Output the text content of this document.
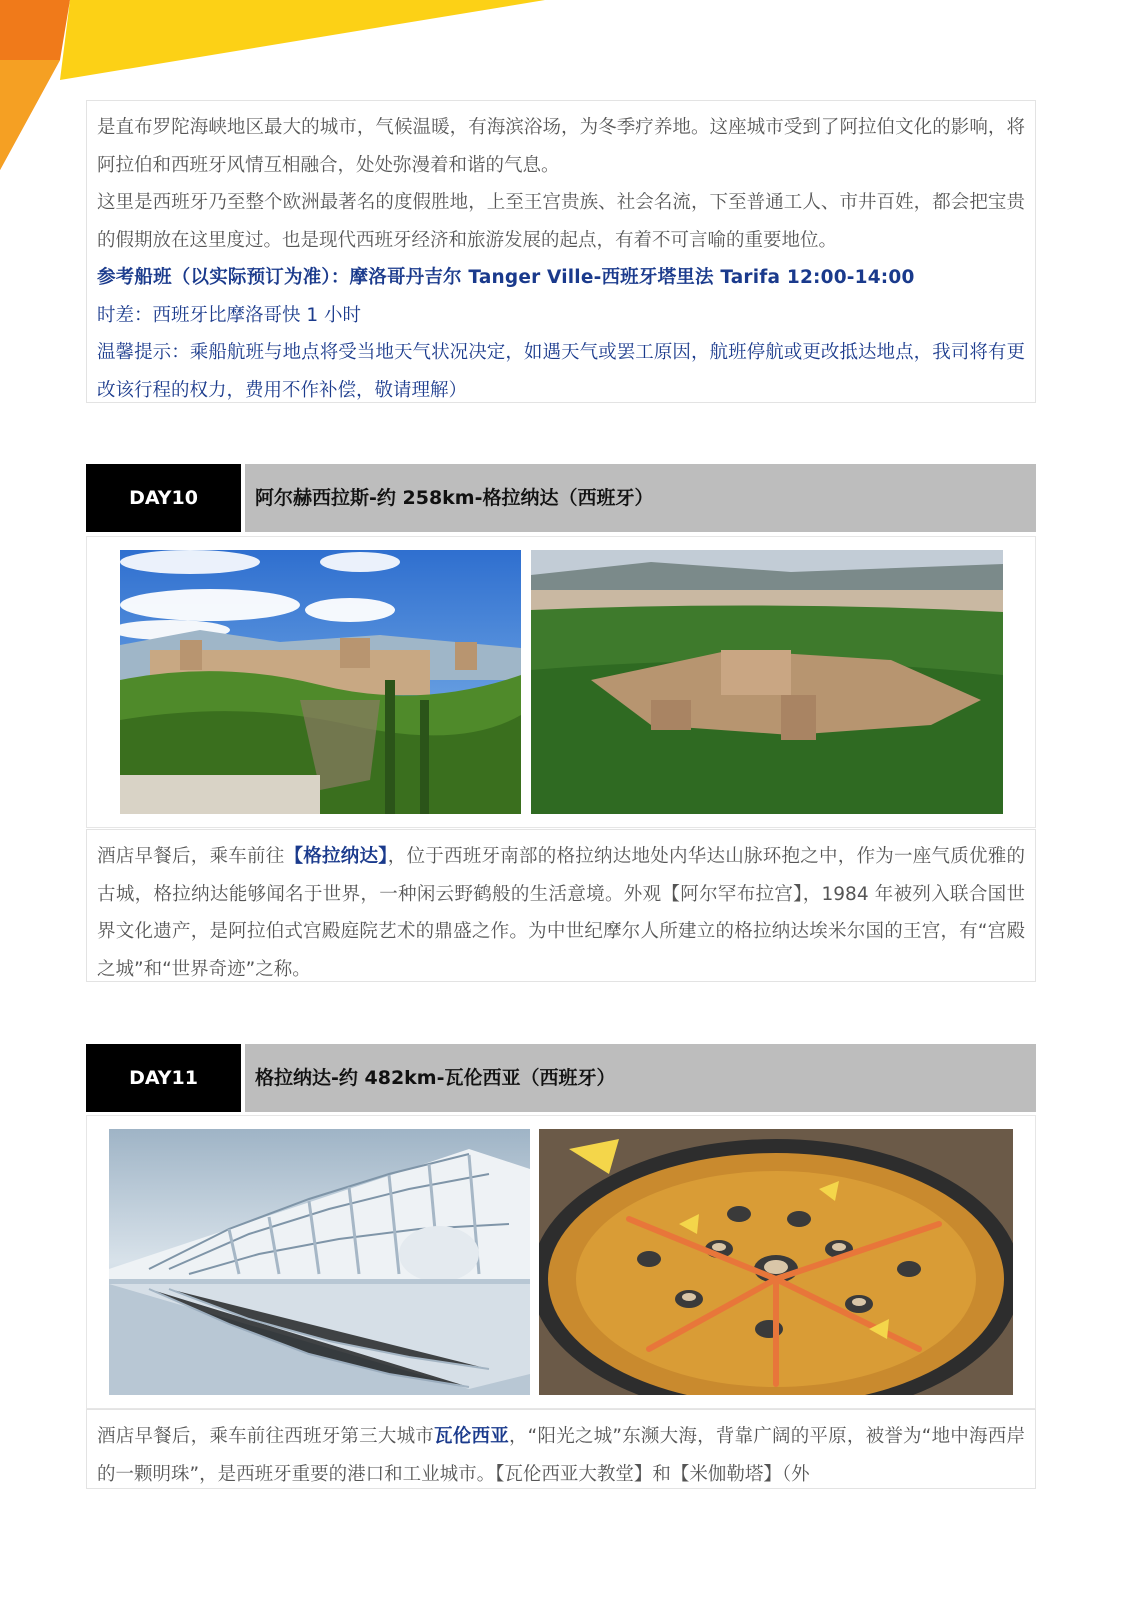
是直布罗陀海峡地区最大的城市，气候温暖，有海滨浴场，为冬季疗养地。这座城市受到了阿拉伯文化的影响，将阿拉伯和西班牙风情互相融合，处处弥漫着和谐的气息。

这里是西班牙乃至整个欧洲最著名的度假胜地，上至王宫贵族、社会名流，下至普通工人、市井百姓，都会把宝贵的假期放在这里度过。也是现代西班牙经济和旅游发展的起点，有着不可言喻的重要地位。

参考船班（以实际预订为准）：摩洛哥丹吉尔 Tanger Ville-西班牙塔里法 Tarifa 12:00-14:00

时差：西班牙比摩洛哥快 1 小时

温馨提示：乘船航班与地点将受当地天气状况决定，如遇天气或罢工原因，航班停航或更改抵达地点，我司将有更改该行程的权力，费用不作补偿，敬请理解）

DAY10	阿尔赫西拉斯-约 258km-格拉纳达（西班牙）

酒店早餐后，乘车前往【格拉纳达】，位于西班牙南部的格拉纳达地处内华达山脉环抱之中，作为一座气质优雅的古城，格拉纳达能够闻名于世界，一种闲云野鹤般的生活意境。外观【阿尔罕布拉宫】，1984 年被列入联合国世界文化遗产，是阿拉伯式宫殿庭院艺术的鼎盛之作。为中世纪摩尔人所建立的格拉纳达埃米尔国的王宫，有“宫殿之城”和“世界奇迹”之称。

DAY11	格拉纳达-约 482km-瓦伦西亚（西班牙）

酒店早餐后，乘车前往西班牙第三大城市瓦伦西亚，“阳光之城”东濒大海，背靠广阔的平原，被誉为“地中海西岸的一颗明珠”，是西班牙重要的港口和工业城市。【瓦伦西亚大教堂】和【米伽勒塔】（外
